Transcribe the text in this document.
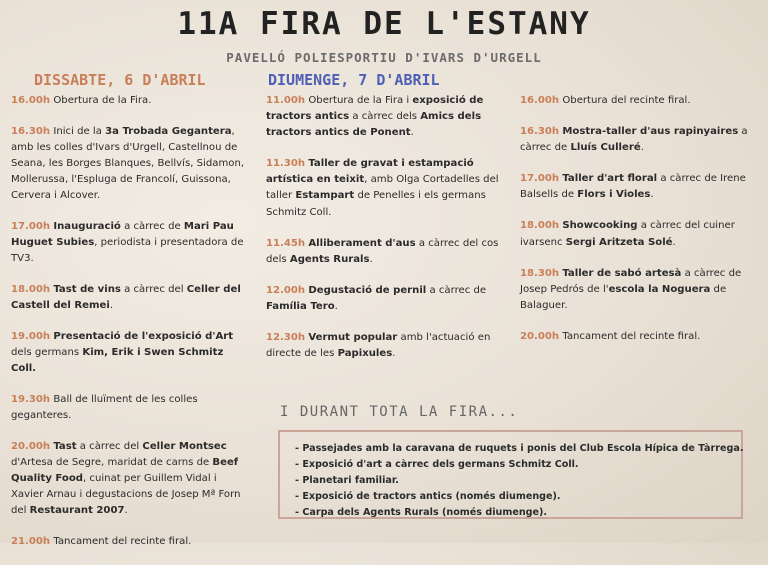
11A FIRA DE L'ESTANY
PAVELLÓ POLIESPORTIU D'IVARS D'URGELL
DISSABTE, 6 D'ABRIL	DIUMENGE, 7 D'ABRIL
16.00h Obertura de la Fira.
16.30h Inici de la 3a Trobada Gegantera, amb les colles d'Ivars d'Urgell, Castellnou de Seana, les Borges Blanques, Bellvís, Sidamon, Mollerussa, l'Espluga de Francolí, Guissona, Cervera i Alcover.
17.00h Inauguració a càrrec de Mari Pau Huguet Subies, periodista i presentadora de TV3.
18.00h Tast de vins a càrrec del Celler del Castell del Remei.
19.00h Presentació de l'exposició d'Art dels germans Kim, Erik i Swen Schmitz Coll.
19.30h Ball de lluïment de les colles geganteres.
20.00h Tast a càrrec del Celler Montsec d'Artesa de Segre, maridat de carns de Beef Quality Food, cuinat per Guillem Vidal i Xavier Arnau i degustacions de Josep Mª Forn del Restaurant 2007.
21.00h Tancament del recinte firal.
11.00h Obertura de la Fira i exposició de tractors antics a càrrec dels Amics dels tractors antics de Ponent.
11.30h Taller de gravat i estampació artística en teixit, amb Olga Cortadelles del taller Estampart de Penelles i els germans Schmitz Coll.
11.45h Alliberament d'aus a càrrec del cos dels Agents Rurals.
12.00h Degustació de pernil a càrrec de Família Tero.
12.30h Vermut popular amb l'actuació en directe de les Papixules.
16.00h Obertura del recinte firal.
16.30h Mostra-taller d'aus rapinyaires a càrrec de Lluís Culleré.
17.00h Taller d'art floral a càrrec de Irene Balsells de Flors i Violes.
18.00h Showcooking a càrrec del cuiner ivarsenc Sergi Aritzeta Solé.
18.30h Taller de sabó artesà a càrrec de Josep Pedrós de l'escola la Noguera de Balaguer.
20.00h Tancament del recinte firal.
I DURANT TOTA LA FIRA...
- Passejades amb la caravana de ruquets i ponis del Club Escola Hípica de Tàrrega.
- Exposició d'art a càrrec dels germans Schmitz Coll.
- Planetari familiar.
- Exposició de tractors antics (només diumenge).
- Carpa dels Agents Rurals (només diumenge).
